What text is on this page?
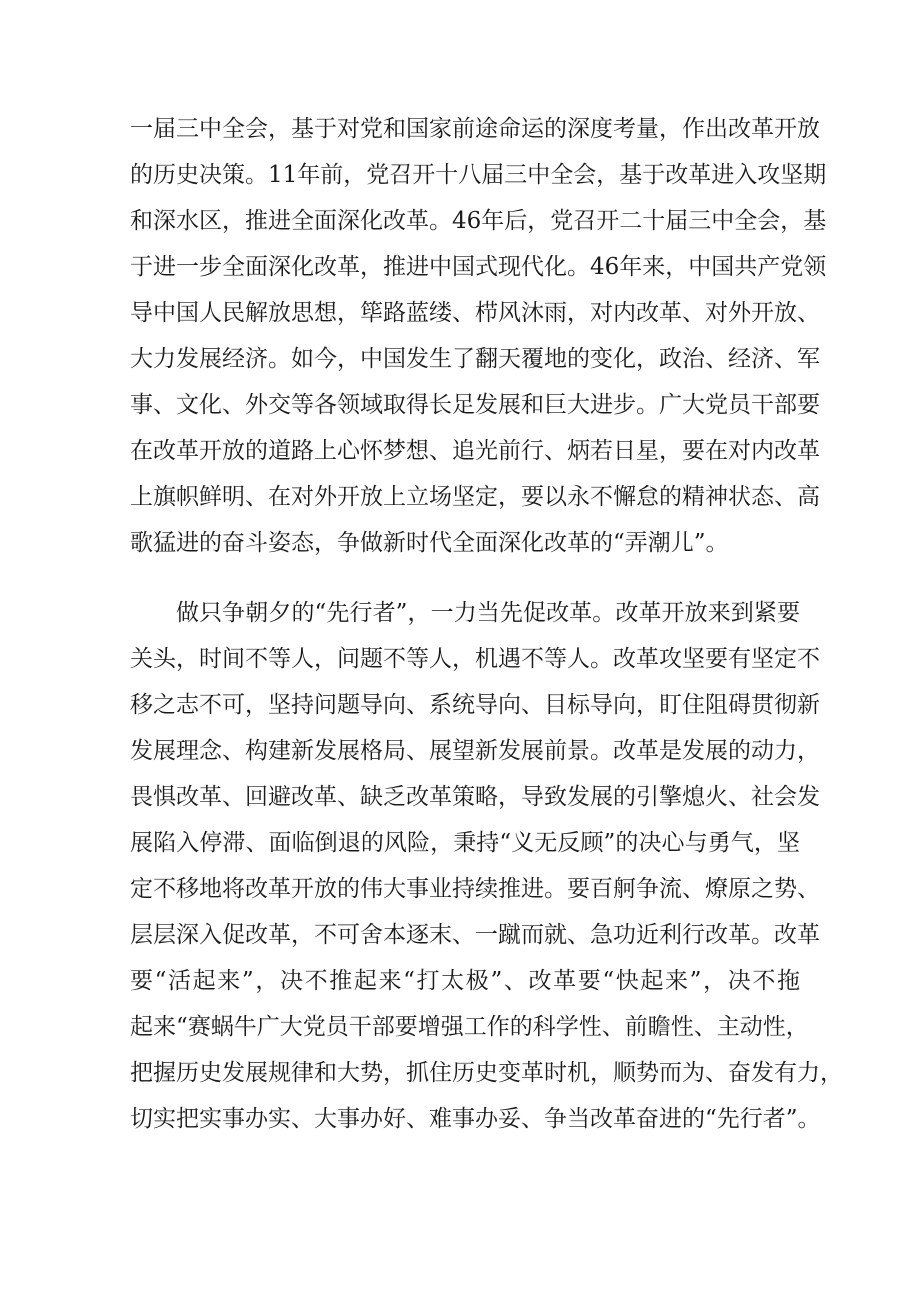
一届三中全会，基于对党和国家前途命运的深度考量，作出改革开放
的历史决策。11年前，党召开十八届三中全会，基于改革进入攻坚期
和深水区，推进全面深化改革。46年后，党召开二十届三中全会，基
于进一步全面深化改革，推进中国式现代化。46年来，中国共产党领
导中国人民解放思想，筚路蓝缕、栉风沐雨，对内改革、对外开放、
大力发展经济。如今，中国发生了翻天覆地的变化，政治、经济、军
事、文化、外交等各领域取得长足发展和巨大进步。广大党员干部要
在改革开放的道路上心怀梦想、追光前行、炳若日星，要在对内改革
上旗帜鲜明、在对外开放上立场坚定，要以永不懈怠的精神状态、高
歌猛进的奋斗姿态，争做新时代全面深化改革的“弄潮儿”。
做只争朝夕的“先行者”，一力当先促改革。改革开放来到紧要
关头，时间不等人，问题不等人，机遇不等人。改革攻坚要有坚定不
移之志不可，坚持问题导向、系统导向、目标导向，盯住阻碍贯彻新
发展理念、构建新发展格局、展望新发展前景。改革是发展的动力，
畏惧改革、回避改革、缺乏改革策略，导致发展的引擎熄火、社会发
展陷入停滞、面临倒退的风险，秉持“义无反顾”的决心与勇气，坚
定不移地将改革开放的伟大事业持续推进。要百舸争流、燎原之势、
层层深入促改革，不可舍本逐末、一蹴而就、急功近利行改革。改革
要“活起来”，决不推起来“打太极”、改革要“快起来”，决不拖
起来“赛蜗牛广大党员干部要增强工作的科学性、前瞻性、主动性，
把握历史发展规律和大势，抓住历史变革时机，顺势而为、奋发有力，
切实把实事办实、大事办好、难事办妥、争当改革奋进的“先行者”。
